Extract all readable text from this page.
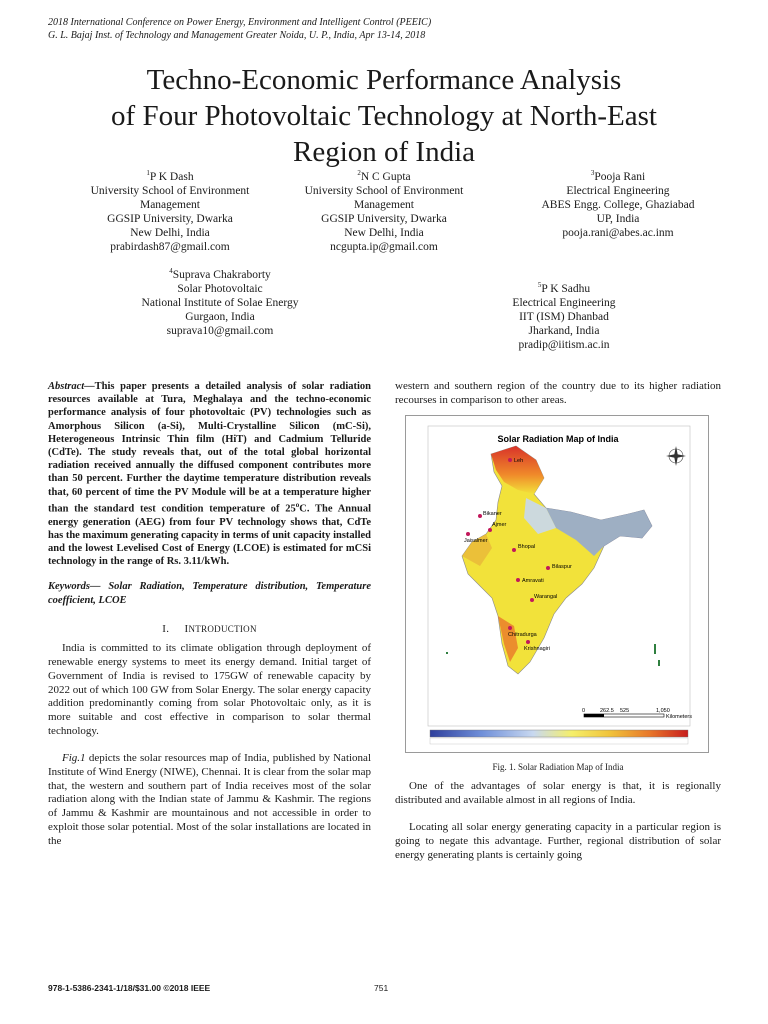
2018 International Conference on Power Energy, Environment and Intelligent Control (PEEIC)
G. L. Bajaj Inst. of Technology and Management Greater Noida, U. P., India, Apr 13-14, 2018
Techno-Economic Performance Analysis
of Four Photovoltaic Technology at North-East
Region of India
$^1$P K Dash
University School of Environment
Management
GGSIP University, Dwarka
New Delhi, India
prabirdash87@gmail.com
$^2$N C Gupta
University School of Environment
Management
GGSIP University, Dwarka
New Delhi, India
ncgupta.ip@gmail.com
$^3$Pooja Rani
Electrical Engineering
ABES Engg. College, Ghaziabad
UP, India
pooja.rani@abes.ac.inm
$^4$Suprava Chakraborty
Solar Photovoltaic
National Institute of Solae Energy
Gurgaon, India
suprava10@gmail.com
$^5$P K Sadhu
Electrical Engineering
IIT (ISM) Dhanbad
Jharkand, India
pradip@iitism.ac.in
Abstract—This paper presents a detailed analysis of solar radiation resources available at Tura, Meghalaya and the techno-economic performance analysis of four photovoltaic (PV) technologies such as Amorphous Silicon (a-Si), Multi-Crystalline Silicon (mC-Si), Heterogeneous Intrinsic Thin film (HiT) and Cadmium Telluride (CdTe). The study reveals that, out of the total global horizontal radiation received annually the diffused component contributes more than 50 percent. Further the daytime temperature distribution reveals that, 60 percent of time the PV Module will be at a temperature higher than the standard test condition temperature of 25$^o$C. The Annual energy generation (AEG) from four PV technology shows that, CdTe has the maximum generating capacity in terms of unit capacity installed and the lowest Levelised Cost of Energy (LCOE) is estimated for mCSi technology in the range of Rs. 3.11/kWh.
Keywords— Solar Radiation, Temperature distribution, Temperature coefficient, LCOE
I. INTRODUCTION

India is committed to its climate obligation through deployment of renewable energy systems to meet its energy demand. Initial target of Government of India is revised to 175GW of renewable capacity by 2022 out of which 100 GW from Solar Energy. The solar energy capacity addition predominantly coming from solar Photovoltaic only, as it is more suitable and cost effective in comparison to solar thermal technology.

Fig.1 depicts the solar resources map of India, published by National Institute of Wind Energy (NIWE), Chennai. It is clear from the solar map that, the western and southern part of India receives most of the solar radiation along with the Indian state of Jammu & Kashmir. The regions of Jammu & Kashmir are mountainous and not accessible in order to exploit those solar potential. Most of the solar installations are located in the

western and southern region of the country due to its higher radiation recourses in comparison to other areas.
Solar Radiation Map of India
Leh
Bikaner
Jaisalmer
Bhopal
Ajmer
Bilaspur
Amravati
Warangal
Chitradurga
Krishnagiri
0	262.5 525	1,050
Kilometers
Fig. 1. Solar Radiation Map of India

One of the advantages of solar energy is that, it is regionally distributed and available almost in all regions of India.

Locating all solar energy generating capacity in a particular region is going to negate this advantage. Further, regional distribution of solar energy generating plants is certainly going

978-1-5386-2341-1/18/$31.00 ©2018 IEEE	751
